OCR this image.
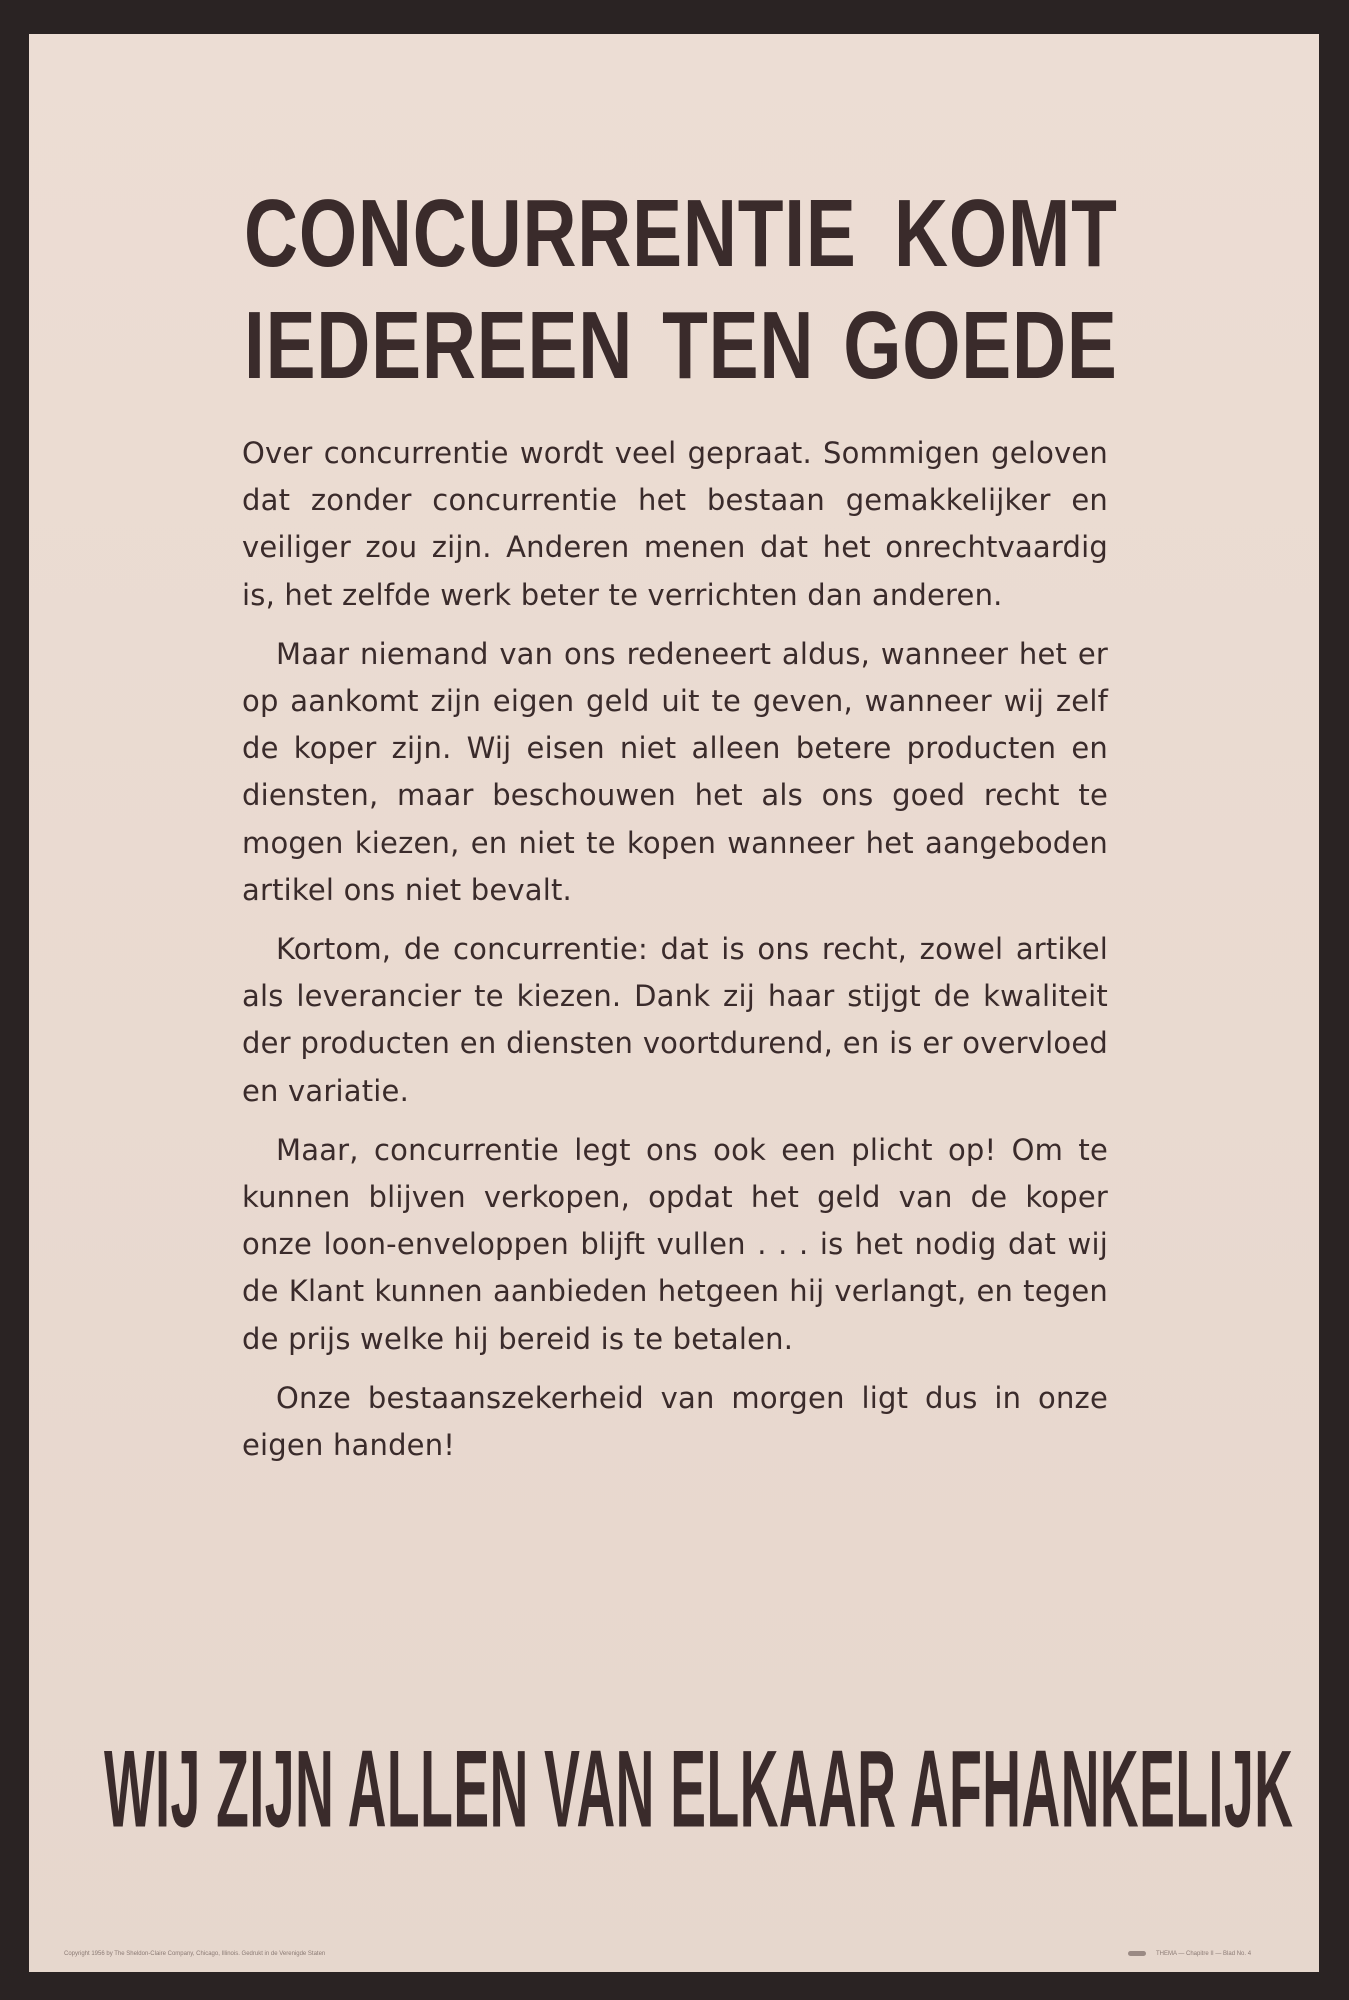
CONCURRENTIE KOMT
IEDEREEN TEN GOEDE

Over concurrentie wordt veel gepraat. Sommigen geloven dat zonder concurrentie het bestaan gemakkelijker en veiliger zou zijn. Anderen menen dat het onrechtvaardig is, het zelfde werk beter te verrichten dan anderen.

Maar niemand van ons redeneert aldus, wanneer het er op aankomt zijn eigen geld uit te geven, wanneer wij zelf de koper zijn. Wij eisen niet alleen betere producten en diensten, maar beschouwen het als ons goed recht te mogen kiezen, en niet te kopen wanneer het aangeboden artikel ons niet bevalt.

Kortom, de concurrentie: dat is ons recht, zowel artikel als leverancier te kiezen. Dank zij haar stijgt de kwaliteit der producten en diensten voortdurend, en is er overvloed en variatie.

Maar, concurrentie legt ons ook een plicht op! Om te kunnen blijven verkopen, opdat het geld van de koper onze loon-enveloppen blijft vullen . . . is het nodig dat wij de Klant kunnen aanbieden hetgeen hij verlangt, en tegen de prijs welke hij bereid is te betalen.

Onze bestaanszekerheid van morgen ligt dus in onze eigen handen!

WIJ ZIJN ALLEN VAN ELKAAR AFHANKELIJK
Copyright 1956 by The Sheldon-Claire Company, Chicago, Illinois. Gedrukt in de Verenigde Staten	THEMA — Chapitre II — Blad No. 4
